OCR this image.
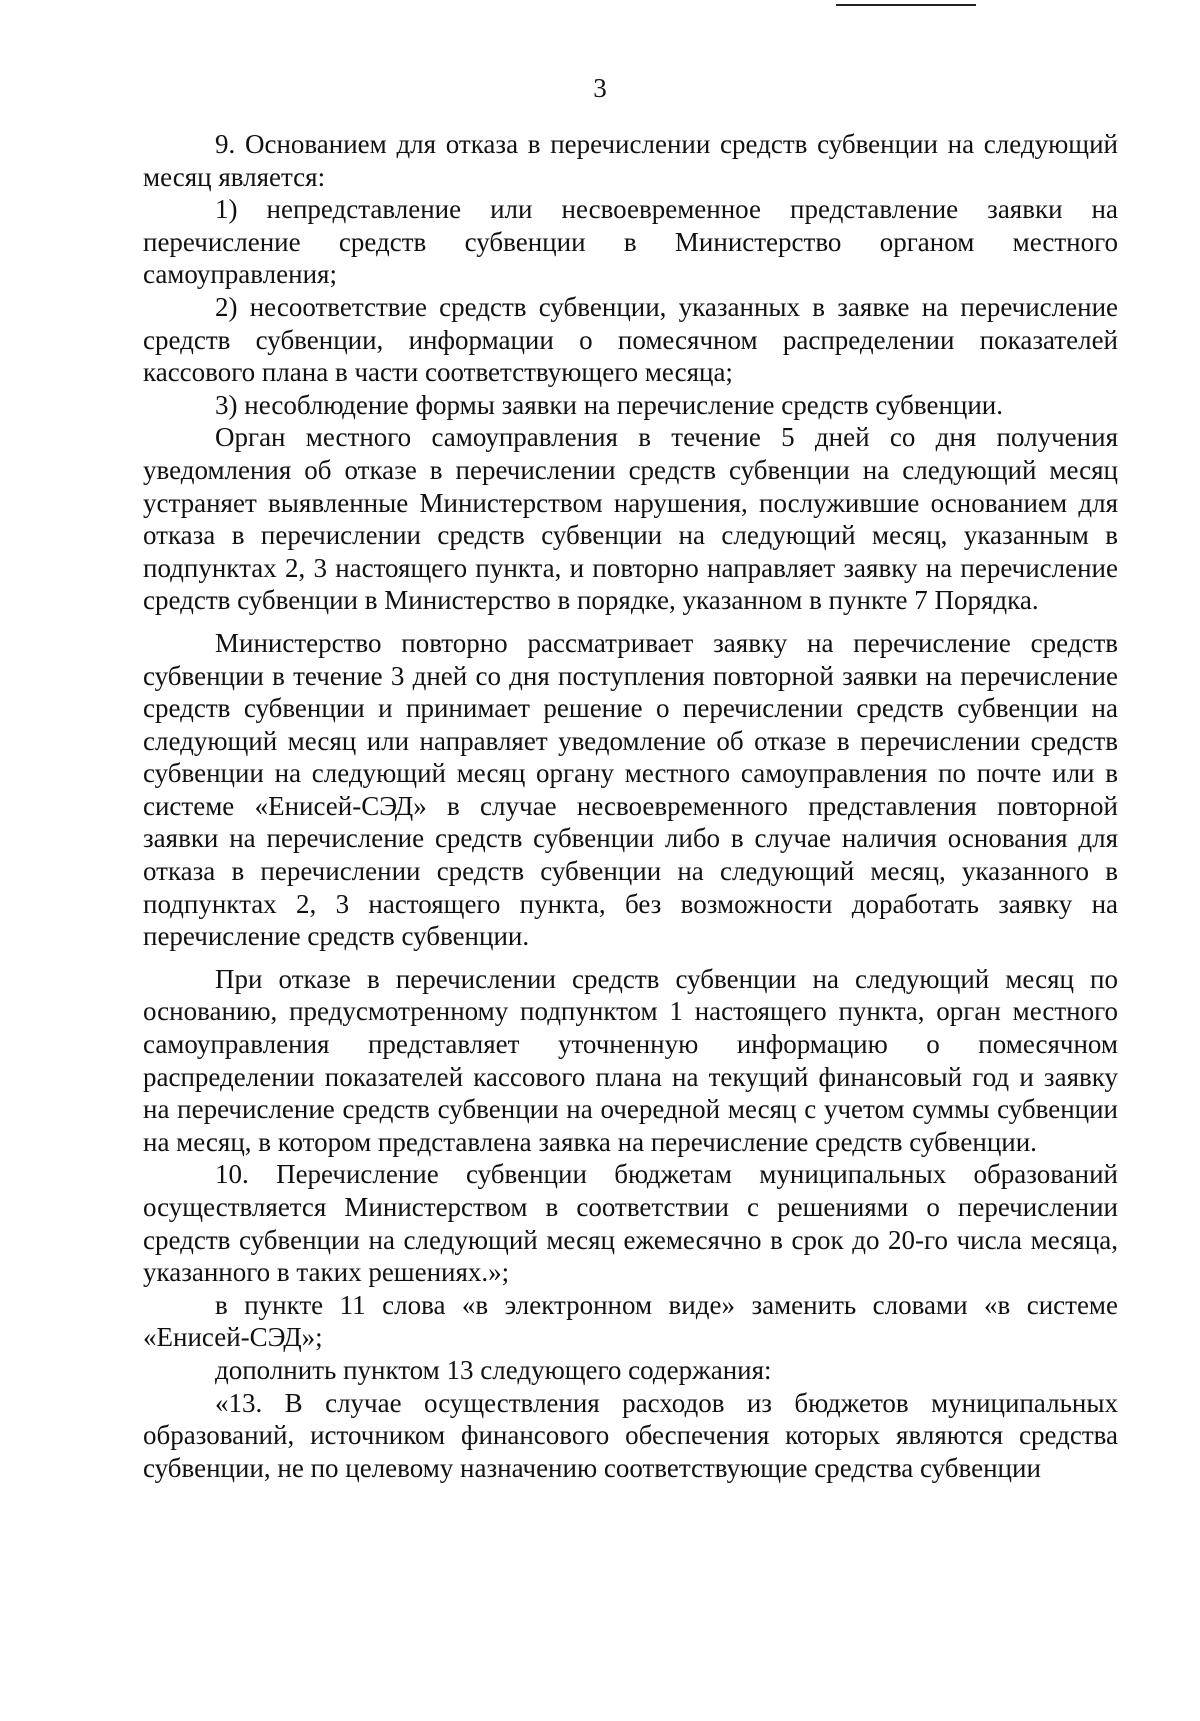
3

9. Основанием для отказа в перечислении средств субвенции на следующий месяц является:

1) непредставление или несвоевременное представление заявки на перечисление средств субвенции в Министерство органом местного самоуправления;

2) несоответствие средств субвенции, указанных в заявке на перечисление средств субвенции, информации о помесячном распределении показателей кассового плана в части соответствующего месяца;

3) несоблюдение формы заявки на перечисление средств субвенции.

Орган местного самоуправления в течение 5 дней со дня получения уведомления об отказе в перечислении средств субвенции на следующий месяц устраняет выявленные Министерством нарушения, послужившие основанием для отказа в перечислении средств субвенции на следующий месяц, указанным в подпунктах 2, 3 настоящего пункта, и повторно направляет заявку на перечисление средств субвенции в Министерство в порядке, указанном в пункте 7 Порядка.

Министерство повторно рассматривает заявку на перечисление средств субвенции в течение 3 дней со дня поступления повторной заявки на перечисление средств субвенции и принимает решение о перечислении средств субвенции на следующий месяц или направляет уведомление об отказе в перечислении средств субвенции на следующий месяц органу местного самоуправления по почте или в системе «Енисей-СЭД» в случае несвоевременного представления повторной заявки на перечисление средств субвенции либо в случае наличия основания для отказа в перечислении средств субвенции на следующий месяц, указанного в подпунктах 2, 3 настоящего пункта, без возможности доработать заявку на перечисление средств субвенции.

При отказе в перечислении средств субвенции на следующий месяц по основанию, предусмотренному подпунктом 1 настоящего пункта, орган местного самоуправления представляет уточненную информацию о помесячном распределении показателей кассового плана на текущий финансовый год и заявку на перечисление средств субвенции на очередной месяц с учетом суммы субвенции на месяц, в котором представлена заявка на перечисление средств субвенции.

10. Перечисление субвенции бюджетам муниципальных образований осуществляется Министерством в соответствии с решениями о перечислении средств субвенции на следующий месяц ежемесячно в срок до 20-го числа месяца, указанного в таких решениях.»;

в пункте 11 слова «в электронном виде» заменить словами «в системе «Енисей-СЭД»;

дополнить пунктом 13 следующего содержания:

«13. В случае осуществления расходов из бюджетов муниципальных образований, источником финансового обеспечения которых являются средства субвенции, не по целевому назначению соответствующие средства субвенции
